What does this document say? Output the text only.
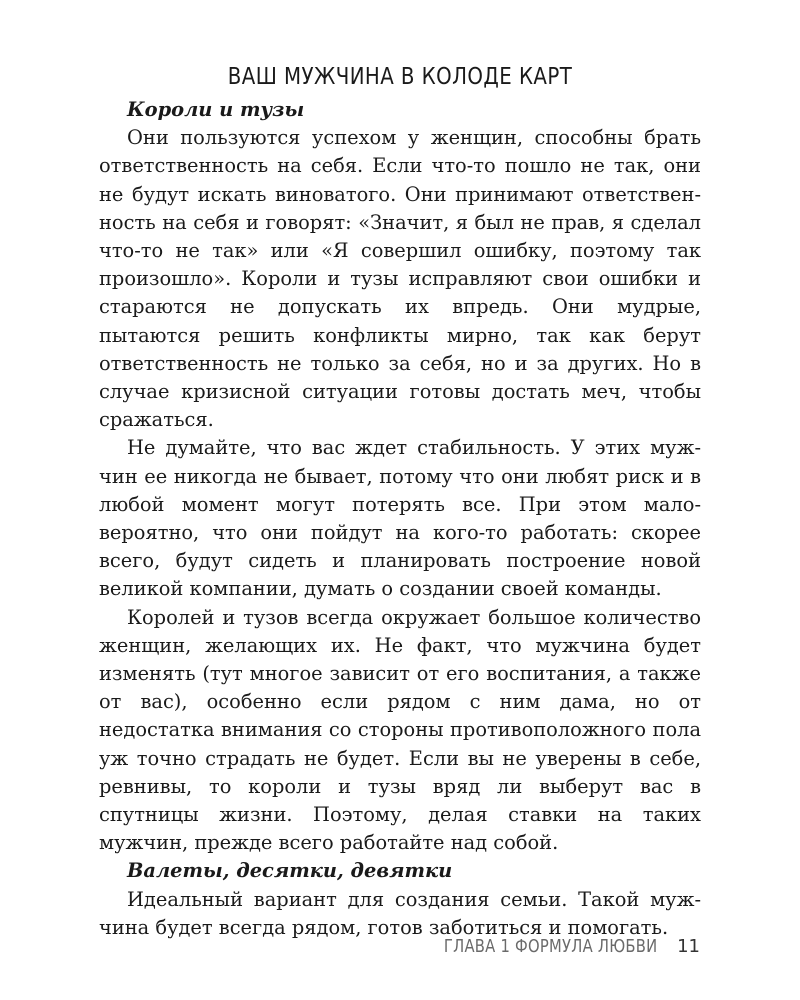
ВАШ МУЖЧИНА В КОЛОДЕ КАРТ
Короли и тузы

Они пользуются успехом у женщин, способны брать ответственность на себя. Если что-то пошло не так, они не будут искать виноватого. Они принимают ответственность на себя и говорят: «Значит, я был не прав, я сделал что-то не так» или «Я совершил ошибку, поэтому так произошло». Короли и тузы исправляют свои ошибки и стараются не допускать их впредь. Они мудрые, пытаются решить конфликты мирно, так как берут ответственность не только за себя, но и за других. Но в случае кризисной ситуации готовы достать меч, чтобы сражаться.

Не думайте, что вас ждет стабильность. У этих мужчин ее никогда не бывает, потому что они любят риск и в любой момент могут потерять все. При этом маловероятно, что они пойдут на кого-то работать: скорее всего, будут сидеть и планировать построение новой великой компании, думать о создании своей команды.

Королей и тузов всегда окружает большое количество женщин, желающих их. Не факт, что мужчина будет изменять (тут многое зависит от его воспитания, а также от вас), особенно если рядом с ним дама, но от недостатка внимания со стороны противоположного пола уж точно страдать не будет. Если вы не уверены в себе, ревнивы, то короли и тузы вряд ли выберут вас в спутницы жизни. Поэтому, делая ставки на таких мужчин, прежде всего работайте над собой.

Валеты, десятки, девятки

Идеальный вариант для создания семьи. Такой мужчина будет всегда рядом, готов заботиться и помогать.

ГЛАВА 1 ФОРМУЛА ЛЮБВИ 11
